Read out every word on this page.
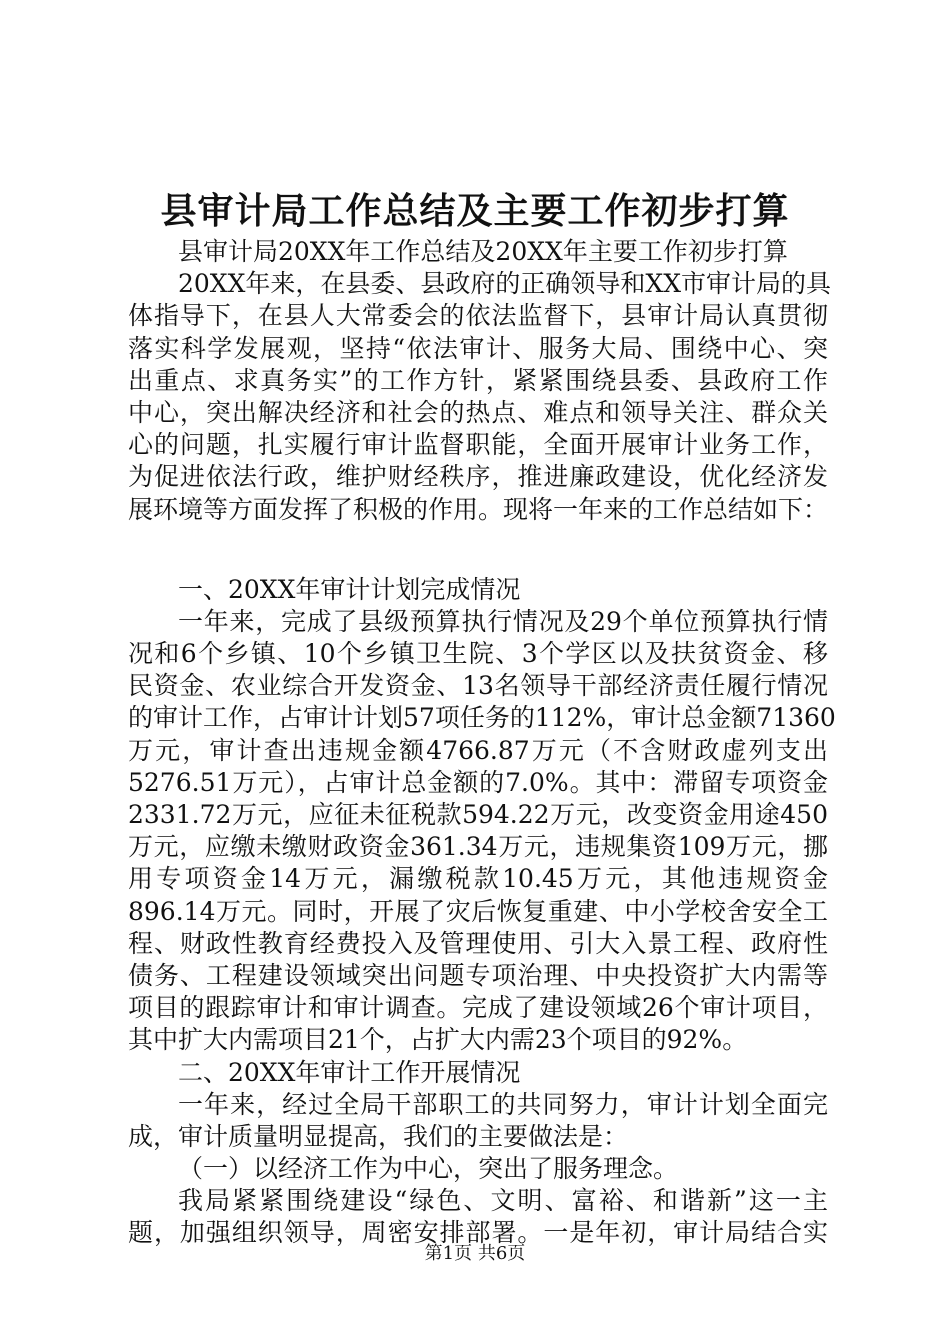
县审计局工作总结及主要工作初步打算
县审计局20XX年工作总结及20XX年主要工作初步打算
20XX年来，在县委、县政府的正确领导和XX市审计局的具
体指导下，在县人大常委会的依法监督下，县审计局认真贯彻
落实科学发展观，坚持“依法审计、服务大局、围绕中心、突
出重点、求真务实”的工作方针，紧紧围绕县委、县政府工作
中心，突出解决经济和社会的热点、难点和领导关注、群众关
心的问题，扎实履行审计监督职能，全面开展审计业务工作，
为促进依法行政，维护财经秩序，推进廉政建设，优化经济发
展环境等方面发挥了积极的作用。现将一年来的工作总结如下：
一、20XX年审计计划完成情况
一年来，完成了县级预算执行情况及29个单位预算执行情
况和6个乡镇、10个乡镇卫生院、3个学区以及扶贫资金、移
民资金、农业综合开发资金、13名领导干部经济责任履行情况
的审计工作，占审计计划57项任务的112%，审计总金额71360
万元，审计查出违规金额4766.87万元（不含财政虚列支出
5276.51万元），占审计总金额的7.0%。其中：滞留专项资金
2331.72万元，应征未征税款594.22万元，改变资金用途450
万元，应缴未缴财政资金361.34万元，违规集资109万元，挪
用专项资金14万元，漏缴税款10.45万元，其他违规资金
896.14万元。同时，开展了灾后恢复重建、中小学校舍安全工
程、财政性教育经费投入及管理使用、引大入景工程、政府性
债务、工程建设领域突出问题专项治理、中央投资扩大内需等
项目的跟踪审计和审计调查。完成了建设领域26个审计项目，
其中扩大内需项目21个，占扩大内需23个项目的92%。
二、20XX年审计工作开展情况
一年来，经过全局干部职工的共同努力，审计计划全面完
成，审计质量明显提高，我们的主要做法是：
（一）以经济工作为中心，突出了服务理念。
我局紧紧围绕建设“绿色、文明、富裕、和谐新”这一主
题，加强组织领导，周密安排部署。一是年初，审计局结合实
第1页 共6页
